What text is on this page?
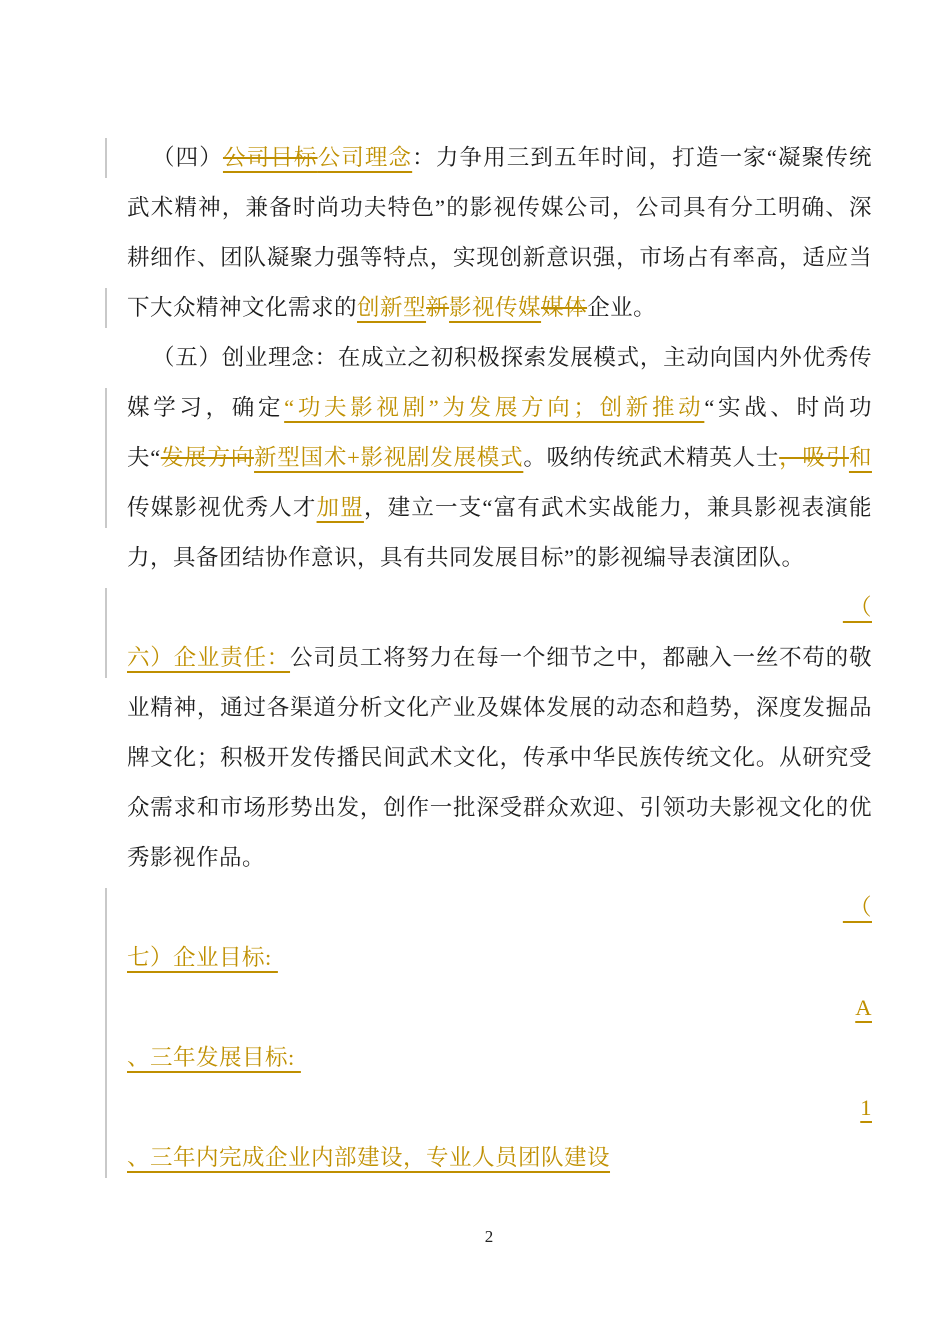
（四）公司目标公司理念：力争用三到五年时间，打造一家“凝聚传统
武术精神，兼备时尚功夫特色”的影视传媒公司，公司具有分工明确、深
耕细作、团队凝聚力强等特点，实现创新意识强，市场占有率高，适应当
下大众精神文化需求的创新型新影视传媒媒体企业。
（五）创业理念：在成立之初积极探索发展模式，主动向国内外优秀传
媒学习，确定“功夫影视剧”为发展方向；创新推动“实战、时尚功
夫“发展方向新型国术+影视剧发展模式。吸纳传统武术精英人士，吸引和
传媒影视优秀人才加盟，建立一支“富有武术实战能力，兼具影视表演能
力，具备团结协作意识，具有共同发展目标”的影视编导表演团队。
（
六）企业责任：公司员工将努力在每一个细节之中，都融入一丝不苟的敬
业精神，通过各渠道分析文化产业及媒体发展的动态和趋势，深度发掘品
牌文化；积极开发传播民间武术文化，传承中华民族传统文化。从研究受
众需求和市场形势出发，创作一批深受群众欢迎、引领功夫影视文化的优
秀影视作品。
（
七）企业目标:
A
、三年发展目标:
1
、三年内完成企业内部建设，专业人员团队建设
2
